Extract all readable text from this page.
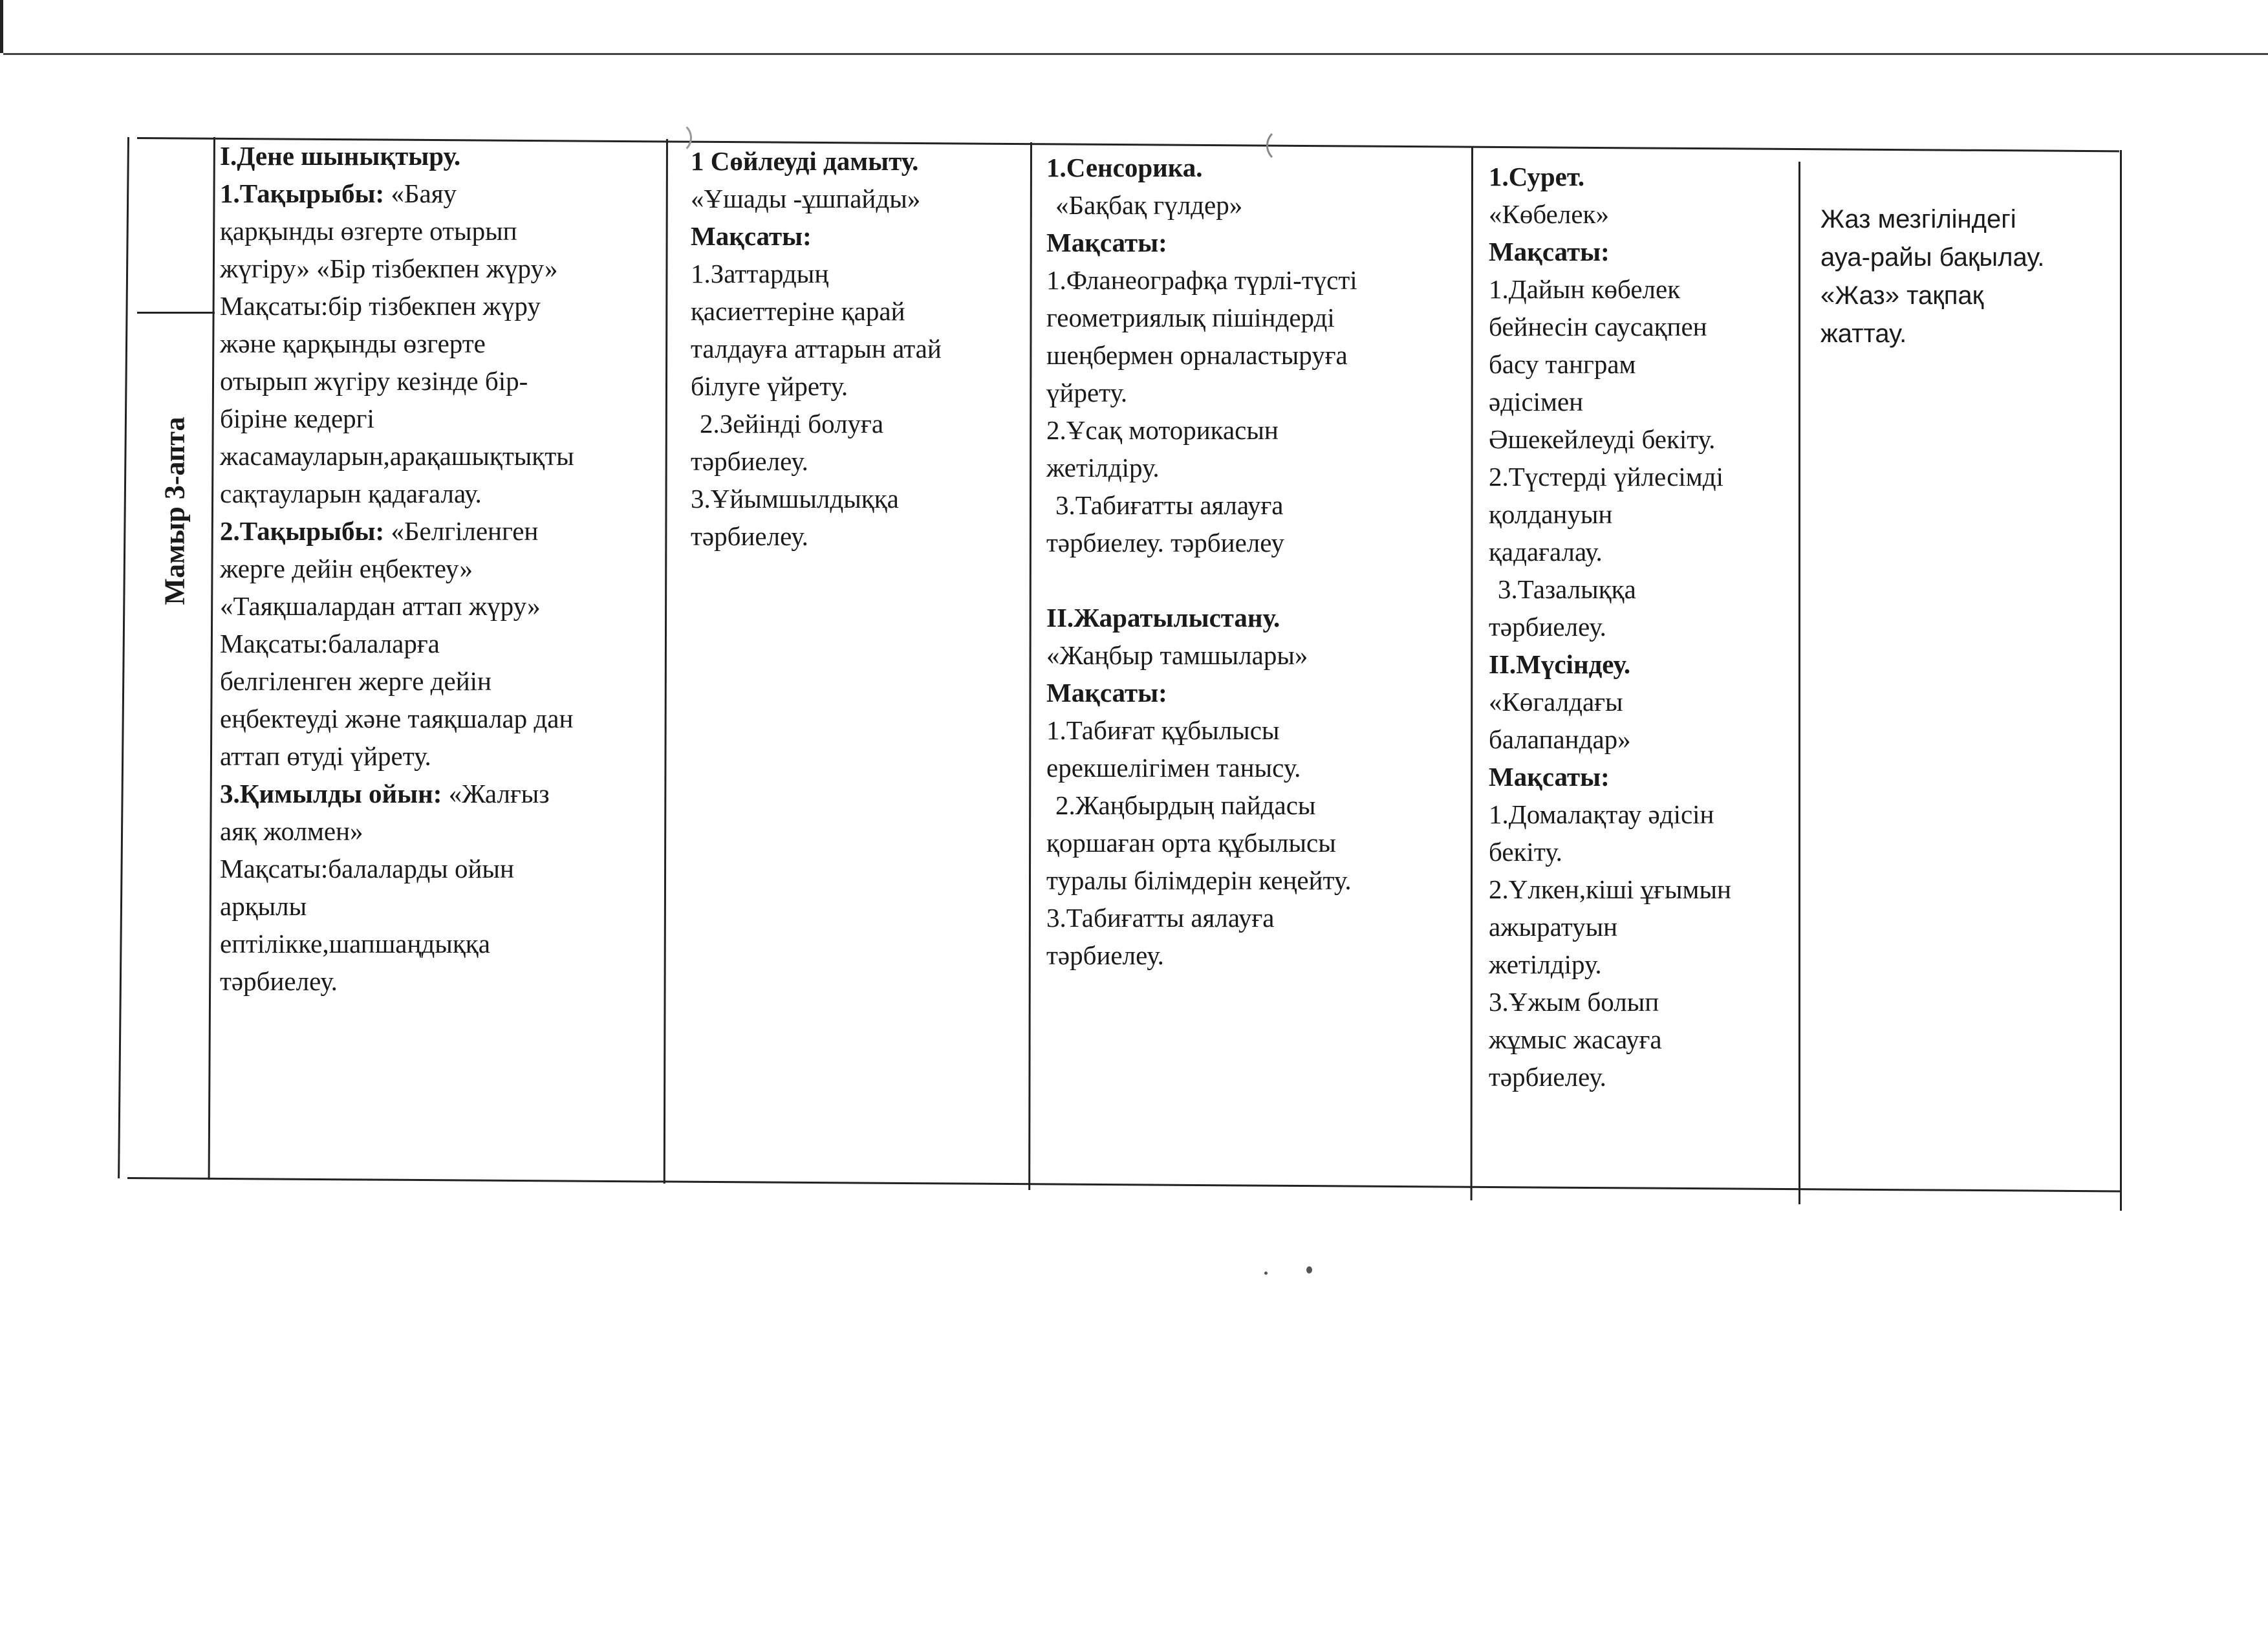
Мамыр 3-апта
I.Дене шынықтыру.
1.Тақырыбы: «Баяу
қарқынды өзгерте отырып
жүгіру» «Бір тізбекпен жүру»
Мақсаты:бір тізбекпен жүру
және қарқынды өзгерте
отырып жүгіру кезінде бір-
біріне кедергі
жасамауларын,арақашықтықты
сақтауларын қадағалау.
2.Тақырыбы: «Белгіленген
жерге дейін еңбектеу»
«Таяқшалардан аттап жүру»
Мақсаты:балаларға
белгіленген жерге дейін
еңбектеуді және таяқшалар дан
аттап өтуді үйрету.
3.Қимылды ойын: «Жалғыз
аяқ жолмен»
Мақсаты:балаларды ойын
арқылы
ептілікке,шапшаңдыққа
тәрбиелеу.
1 Сөйлеуді дамыту.
«Ұшады -ұшпайды»
Мақсаты:
1.Заттардың
қасиеттеріне қарай
талдауға аттарын атай
білуге үйрету.
2.Зейінді болуға
тәрбиелеу.
3.Ұйымшылдыққа
тәрбиелеу.
1.Сенсорика.
«Бақбақ гүлдер»
Мақсаты:
1.Фланеографқа түрлі-түсті
геометриялық пішіндерді
шеңбермен орналастыруға
үйрету.
2.Ұсақ моторикасын
жетілдіру.
3.Табиғатты аялауға
тәрбиелеу. тәрбиелеу

II.Жаратылыстану.
«Жаңбыр тамшылары»
Мақсаты:
1.Табиғат құбылысы
ерекшелігімен танысу.
2.Жаңбырдың пайдасы
қоршаған орта құбылысы
туралы білімдерін кеңейту.
3.Табиғатты аялауға
тәрбиелеу.
1.Сурет.
«Көбелек»
Мақсаты:
1.Дайын көбелек
бейнесін саусақпен
басу танграм
әдісімен
Әшекейлеуді бекіту.
2.Түстерді үйлесімді
қолдануын
қадағалау.
3.Тазалыққа
тәрбиелеу.
II.Мүсіндеу.
«Көгалдағы
балапандар»
Мақсаты:
1.Домалақтау әдісін
бекіту.
2.Үлкен,кіші ұғымын
ажыратуын
жетілдіру.
3.Ұжым болып
жұмыс жасауға
тәрбиелеу.
Жаз мезгіліндегі
ауа-райы бақылау.
«Жаз» тақпақ
жаттау.
